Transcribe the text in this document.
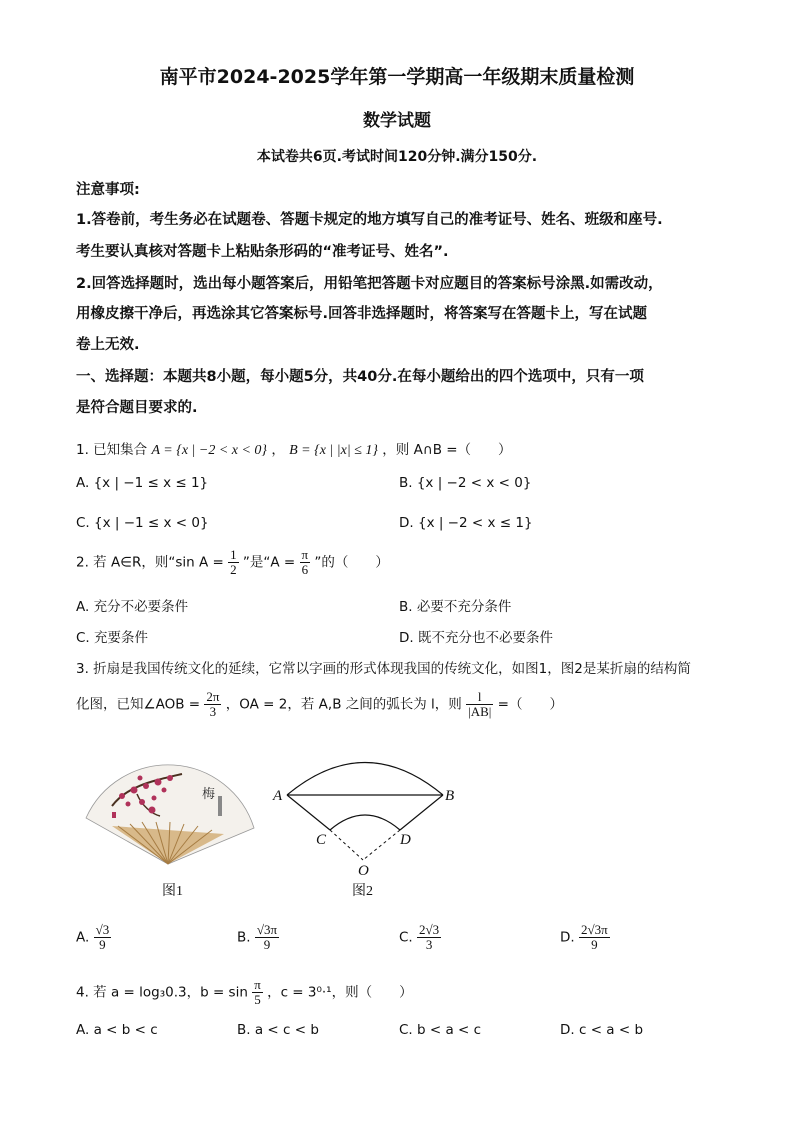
南平市2024-2025学年第一学期高一年级期末质量检测
数学试题
本试卷共6页.考试时间120分钟.满分150分.
注意事项:
1.答卷前，考生务必在试题卷、答题卡规定的地方填写自己的准考证号、姓名、班级和座号.
考生要认真核对答题卡上粘贴条形码的“准考证号、姓名”.
2.回答选择题时，选出每小题答案后，用铅笔把答题卡对应题目的答案标号涂黑.如需改动，
用橡皮擦干净后，再选涂其它答案标号.回答非选择题时，将答案写在答题卡上，写在试题
卷上无效.
一、选择题：本题共8小题，每小题5分，共40分.在每小题给出的四个选项中，只有一项
是符合题目要求的.
1. 已知集合 A = {x | −2 < x < 0} ， B = {x | |x| ≤ 1} ，则 A∩B =（　　）
A. {x | −1 ≤ x ≤ 1}	B. {x | −2 < x < 0}
C. {x | −1 ≤ x < 0}	D. {x | −2 < x ≤ 1}
2. 若 A∈R，则“sin $A = \frac{1}{2}$ ”是“$A = \frac{\pi}{6}$ ”的（　　）
A. 充分不必要条件	B. 必要不充分条件
C. 充要条件	D. 既不充分也不必要条件
3. 折扇是我国传统文化的延续，它常以字画的形式体现我国的传统文化，如图1，图2是某折扇的结构简
化图，已知∠AOB = $\frac{2\pi}{3}$ ，OA = 2，若 A,B 之间的弧长为 l，则 $\frac{l}{|AB|}$ =（　　）
梅
图1
A	B
C	D
O
图2
A. $\frac{√3}{9}$	B. $\frac{√3\pi}{9}$	C. $\frac{2√3}{3}$	D. $\frac{2√3\pi}{9}$
4. 若 a = log₃0.3，$b = \sin \frac{\pi}{5}$ ，c = 3⁰·¹，则（　　）
A. a < b < c	B. a < c < b	C. b < a < c	D. c < a < b
